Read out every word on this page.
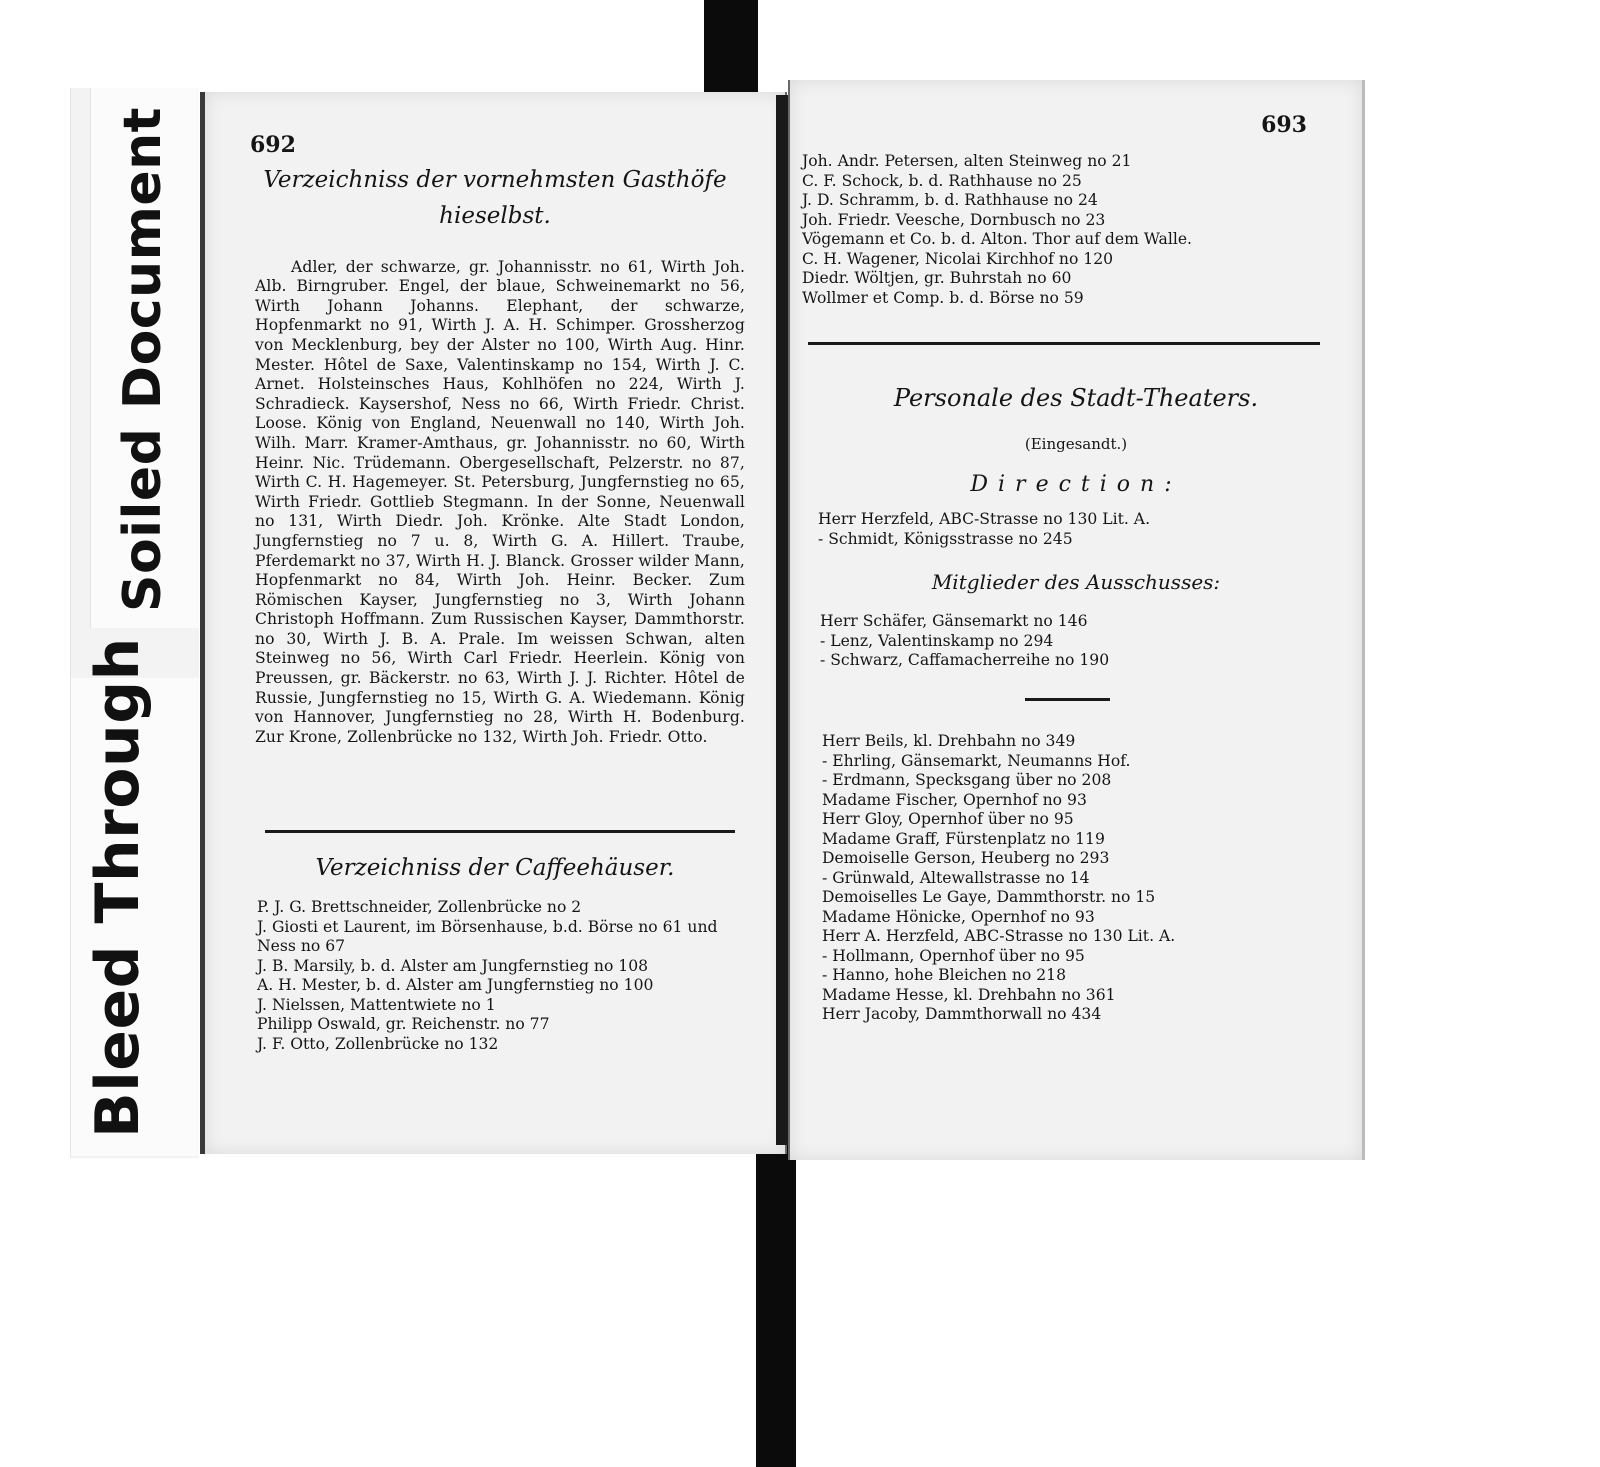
Soiled Document
Bleed Through
692
Verzeichniss der vornehmsten Gasthöfe hieselbst.

Adler, der schwarze, gr. Johannisstr. no 61, Wirth Joh. Alb. Birngruber. Engel, der blaue, Schweinemarkt no 56, Wirth Johann Johanns. Elephant, der schwarze, Hopfenmarkt no 91, Wirth J. A. H. Schimper. Grossherzog von Mecklenburg, bey der Alster no 100, Wirth Aug. Hinr. Mester. Hôtel de Saxe, Valentinskamp no 154, Wirth J. C. Arnet. Holsteinsches Haus, Kohlhöfen no 224, Wirth J. Schradieck. Kaysershof, Ness no 66, Wirth Friedr. Christ. Loose. König von England, Neuenwall no 140, Wirth Joh. Wilh. Marr. Kramer-Amthaus, gr. Johannisstr. no 60, Wirth Heinr. Nic. Trüdemann. Obergesellschaft, Pelzerstr. no 87, Wirth C. H. Hagemeyer. St. Petersburg, Jungfernstieg no 65, Wirth Friedr. Gottlieb Stegmann. In der Sonne, Neuenwall no 131, Wirth Diedr. Joh. Krönke. Alte Stadt London, Jungfernstieg no 7 u. 8, Wirth G. A. Hillert. Traube, Pferdemarkt no 37, Wirth H. J. Blanck. Grosser wilder Mann, Hopfenmarkt no 84, Wirth Joh. Heinr. Becker. Zum Römischen Kayser, Jungfernstieg no 3, Wirth Johann Christoph Hoffmann. Zum Russischen Kayser, Dammthorstr. no 30, Wirth J. B. A. Prale. Im weissen Schwan, alten Steinweg no 56, Wirth Carl Friedr. Heerlein. König von Preussen, gr. Bäckerstr. no 63, Wirth J. J. Richter. Hôtel de Russie, Jungfernstieg no 15, Wirth G. A. Wiedemann. König von Hannover, Jungfernstieg no 28, Wirth H. Bodenburg. Zur Krone, Zollenbrücke no 132, Wirth Joh. Friedr. Otto.

Verzeichniss der Caffeehäuser.
P. J. G. Brettschneider, Zollenbrücke no 2
J. Giosti et Laurent, im Börsenhause, b.d. Börse no 61 und Ness no 67
J. B. Marsily, b. d. Alster am Jungfernstieg no 108
A. H. Mester, b. d. Alster am Jungfernstieg no 100
J. Nielssen, Mattentwiete no 1
Philipp Oswald, gr. Reichenstr. no 77
J. F. Otto, Zollenbrücke no 132
693
Joh. Andr. Petersen, alten Steinweg no 21
C. F. Schock, b. d. Rathhause no 25
J. D. Schramm, b. d. Rathhause no 24
Joh. Friedr. Veesche, Dornbusch no 23
Vögemann et Co. b. d. Alton. Thor auf dem Walle.
C. H. Wagener, Nicolai Kirchhof no 120
Diedr. Wöltjen, gr. Buhrstah no 60
Wollmer et Comp. b. d. Börse no 59
Personale des Stadt-Theaters.
(Eingesandt.)
Direction:
Herr Herzfeld, ABC-Strasse no 130 Lit. A.
- Schmidt, Königsstrasse no 245
Mitglieder des Ausschusses:
Herr Schäfer, Gänsemarkt no 146
- Lenz, Valentinskamp no 294
- Schwarz, Caffamacherreihe no 190
Herr Beils, kl. Drehbahn no 349
- Ehrling, Gänsemarkt, Neumanns Hof.
- Erdmann, Specksgang über no 208
Madame Fischer, Opernhof no 93
Herr Gloy, Opernhof über no 95
Madame Graff, Fürstenplatz no 119
Demoiselle Gerson, Heuberg no 293
- Grünwald, Altewallstrasse no 14
Demoiselles Le Gaye, Dammthorstr. no 15
Madame Hönicke, Opernhof no 93
Herr A. Herzfeld, ABC-Strasse no 130 Lit. A.
- Hollmann, Opernhof über no 95
- Hanno, hohe Bleichen no 218
Madame Hesse, kl. Drehbahn no 361
Herr Jacoby, Dammthorwall no 434
